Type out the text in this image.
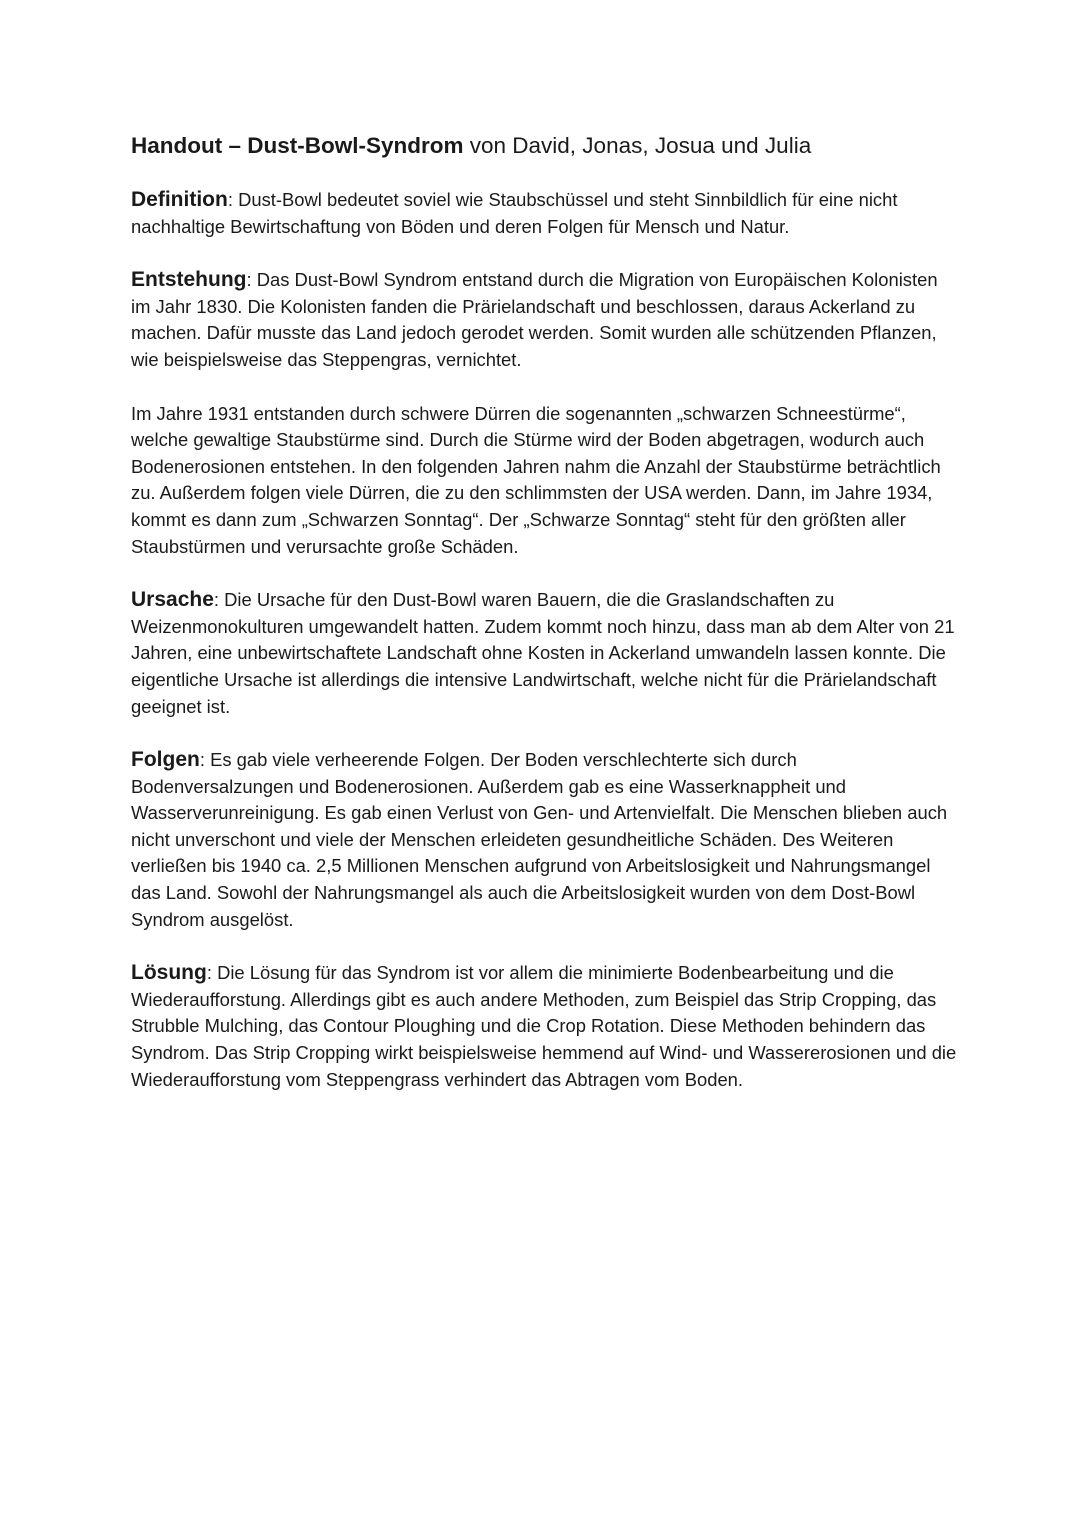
Handout – Dust-Bowl-Syndrom von David, Jonas, Josua und Julia
Definition: Dust-Bowl bedeutet soviel wie Staubschüssel und steht Sinnbildlich für eine nicht nachhaltige Bewirtschaftung von Böden und deren Folgen für Mensch und Natur.
Entstehung: Das Dust-Bowl Syndrom entstand durch die Migration von Europäischen Kolonisten im Jahr 1830. Die Kolonisten fanden die Prärielandschaft und beschlossen, daraus Ackerland zu machen. Dafür musste das Land jedoch gerodet werden. Somit wurden alle schützenden Pflanzen, wie beispielsweise das Steppengras, vernichtet.
Im Jahre 1931 entstanden durch schwere Dürren die sogenannten „schwarzen Schneestürme“, welche gewaltige Staubstürme sind. Durch die Stürme wird der Boden abgetragen, wodurch auch Bodenerosionen entstehen. In den folgenden Jahren nahm die Anzahl der Staubstürme beträchtlich zu. Außerdem folgen viele Dürren, die zu den schlimmsten der USA werden. Dann, im Jahre 1934, kommt es dann zum „Schwarzen Sonntag“. Der „Schwarze Sonntag“ steht für den größten aller Staubstürmen und verursachte große Schäden.
Ursache: Die Ursache für den Dust-Bowl waren Bauern, die die Graslandschaften zu Weizenmonokulturen umgewandelt hatten. Zudem kommt noch hinzu, dass man ab dem Alter von 21 Jahren, eine unbewirtschaftete Landschaft ohne Kosten in Ackerland umwandeln lassen konnte. Die eigentliche Ursache ist allerdings die intensive Landwirtschaft, welche nicht für die Prärielandschaft geeignet ist.
Folgen: Es gab viele verheerende Folgen. Der Boden verschlechterte sich durch Bodenversalzungen und Bodenerosionen. Außerdem gab es eine Wasserknappheit und Wasserverunreinigung. Es gab einen Verlust von Gen- und Artenvielfalt. Die Menschen blieben auch nicht unverschont und viele der Menschen erleideten gesundheitliche Schäden. Des Weiteren verließen bis 1940 ca. 2,5 Millionen Menschen aufgrund von Arbeitslosigkeit und Nahrungsmangel das Land. Sowohl der Nahrungsmangel als auch die Arbeitslosigkeit wurden von dem Dost-Bowl Syndrom ausgelöst.
Lösung: Die Lösung für das Syndrom ist vor allem die minimierte Bodenbearbeitung und die Wiederaufforstung. Allerdings gibt es auch andere Methoden, zum Beispiel das Strip Cropping, das Strubble Mulching, das Contour Ploughing und die Crop Rotation. Diese Methoden behindern das Syndrom. Das Strip Cropping wirkt beispielsweise hemmend auf Wind- und Wassererosionen und die Wiederaufforstung vom Steppengrass verhindert das Abtragen vom Boden.
